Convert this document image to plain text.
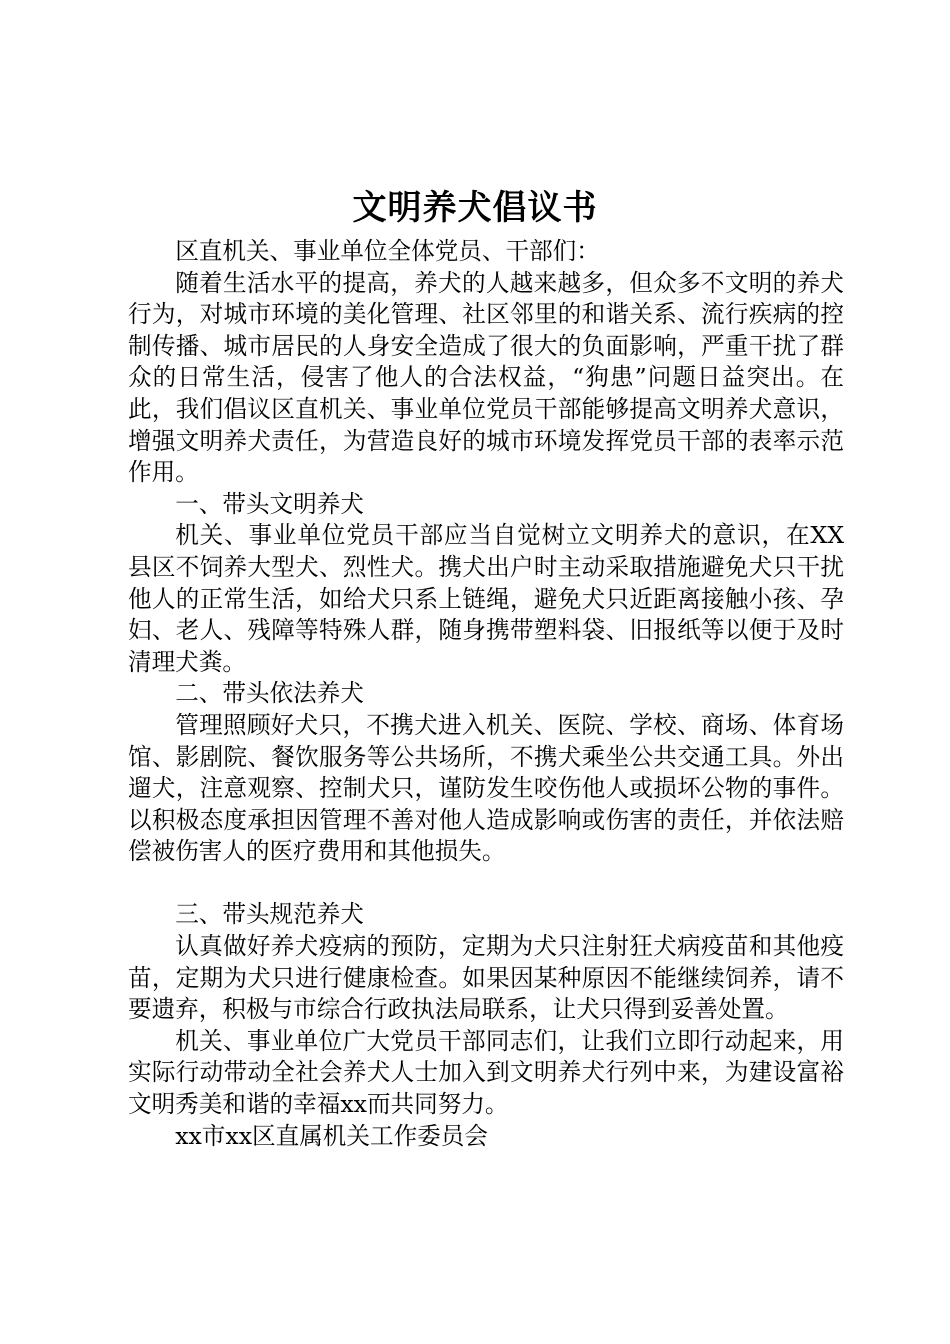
文明养犬倡议书

区直机关、事业单位全体党员、干部们：

随着生活水平的提高，养犬的人越来越多，但众多不文明的养犬行为，对城市环境的美化管理、社区邻里的和谐关系、流行疾病的控制传播、城市居民的人身安全造成了很大的负面影响，严重干扰了群众的日常生活，侵害了他人的合法权益，“狗患”问题日益突出。在此，我们倡议区直机关、事业单位党员干部能够提高文明养犬意识，增强文明养犬责任，为营造良好的城市环境发挥党员干部的表率示范作用。

一、带头文明养犬

机关、事业单位党员干部应当自觉树立文明养犬的意识，在XX县区不饲养大型犬、烈性犬。携犬出户时主动采取措施避免犬只干扰他人的正常生活，如给犬只系上链绳，避免犬只近距离接触小孩、孕妇、老人、残障等特殊人群，随身携带塑料袋、旧报纸等以便于及时清理犬粪。

二、带头依法养犬

管理照顾好犬只，不携犬进入机关、医院、学校、商场、体育场馆、影剧院、餐饮服务等公共场所，不携犬乘坐公共交通工具。外出遛犬，注意观察、控制犬只，谨防发生咬伤他人或损坏公物的事件。以积极态度承担因管理不善对他人造成影响或伤害的责任，并依法赔偿被伤害人的医疗费用和其他损失。

三、带头规范养犬

认真做好养犬疫病的预防，定期为犬只注射狂犬病疫苗和其他疫苗，定期为犬只进行健康检查。如果因某种原因不能继续饲养，请不要遗弃，积极与市综合行政执法局联系，让犬只得到妥善处置。

机关、事业单位广大党员干部同志们，让我们立即行动起来，用实际行动带动全社会养犬人士加入到文明养犬行列中来，为建设富裕文明秀美和谐的幸福xx而共同努力。

xx市xx区直属机关工作委员会
